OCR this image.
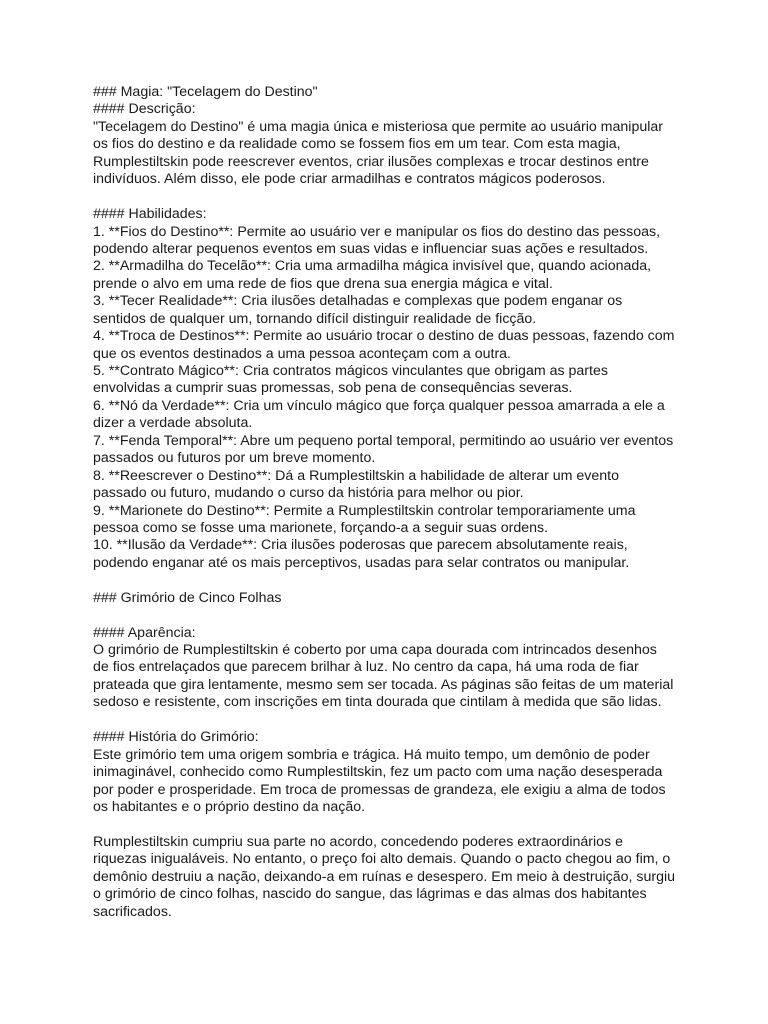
### Magia: "Tecelagem do Destino"
#### Descrição:
"Tecelagem do Destino" é uma magia única e misteriosa que permite ao usuário manipular
os fios do destino e da realidade como se fossem fios em um tear. Com esta magia,
Rumplestiltskin pode reescrever eventos, criar ilusões complexas e trocar destinos entre
indivíduos. Além disso, ele pode criar armadilhas e contratos mágicos poderosos.
#### Habilidades:
1. **Fios do Destino**: Permite ao usuário ver e manipular os fios do destino das pessoas,
podendo alterar pequenos eventos em suas vidas e influenciar suas ações e resultados.
2. **Armadilha do Tecelão**: Cria uma armadilha mágica invisível que, quando acionada,
prende o alvo em uma rede de fios que drena sua energia mágica e vital.
3. **Tecer Realidade**: Cria ilusões detalhadas e complexas que podem enganar os
sentidos de qualquer um, tornando difícil distinguir realidade de ficção.
4. **Troca de Destinos**: Permite ao usuário trocar o destino de duas pessoas, fazendo com
que os eventos destinados a uma pessoa aconteçam com a outra.
5. **Contrato Mágico**: Cria contratos mágicos vinculantes que obrigam as partes
envolvidas a cumprir suas promessas, sob pena de consequências severas.
6. **Nó da Verdade**: Cria um vínculo mágico que força qualquer pessoa amarrada a ele a
dizer a verdade absoluta.
7. **Fenda Temporal**: Abre um pequeno portal temporal, permitindo ao usuário ver eventos
passados ou futuros por um breve momento.
8. **Reescrever o Destino**: Dá a Rumplestiltskin a habilidade de alterar um evento
passado ou futuro, mudando o curso da história para melhor ou pior.
9. **Marionete do Destino**: Permite a Rumplestiltskin controlar temporariamente uma
pessoa como se fosse uma marionete, forçando-a a seguir suas ordens.
10. **Ilusão da Verdade**: Cria ilusões poderosas que parecem absolutamente reais,
podendo enganar até os mais perceptivos, usadas para selar contratos ou manipular.
### Grimório de Cinco Folhas
#### Aparência:
O grimório de Rumplestiltskin é coberto por uma capa dourada com intrincados desenhos
de fios entrelaçados que parecem brilhar à luz. No centro da capa, há uma roda de fiar
prateada que gira lentamente, mesmo sem ser tocada. As páginas são feitas de um material
sedoso e resistente, com inscrições em tinta dourada que cintilam à medida que são lidas.
#### História do Grimório:
Este grimório tem uma origem sombria e trágica. Há muito tempo, um demônio de poder
inimaginável, conhecido como Rumplestiltskin, fez um pacto com uma nação desesperada
por poder e prosperidade. Em troca de promessas de grandeza, ele exigiu a alma de todos
os habitantes e o próprio destino da nação.
Rumplestiltskin cumpriu sua parte no acordo, concedendo poderes extraordinários e
riquezas inigualáveis. No entanto, o preço foi alto demais. Quando o pacto chegou ao fim, o
demônio destruiu a nação, deixando-a em ruínas e desespero. Em meio à destruição, surgiu
o grimório de cinco folhas, nascido do sangue, das lágrimas e das almas dos habitantes
sacrificados.
